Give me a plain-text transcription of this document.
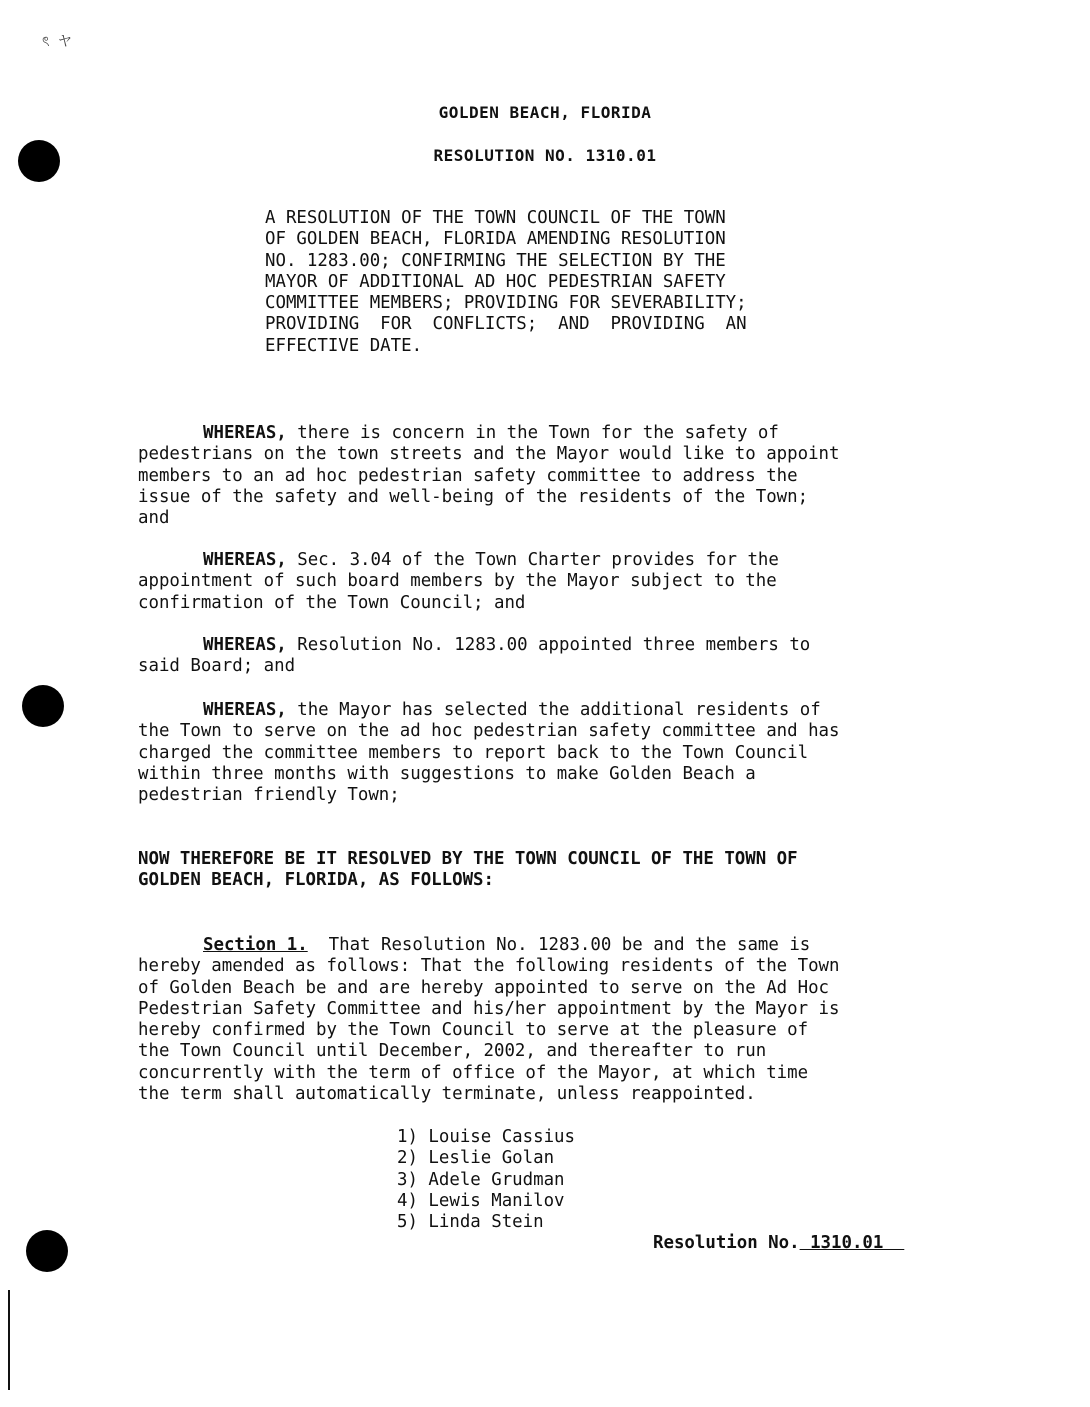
ৎ ヤ
GOLDEN BEACH, FLORIDA
RESOLUTION NO. 1310.01
A RESOLUTION OF THE TOWN COUNCIL OF THE TOWN
OF GOLDEN BEACH, FLORIDA AMENDING RESOLUTION
NO. 1283.00; CONFIRMING THE SELECTION BY THE
MAYOR OF ADDITIONAL AD HOC PEDESTRIAN SAFETY
COMMITTEE MEMBERS; PROVIDING FOR SEVERABILITY;
PROVIDING  FOR  CONFLICTS;  AND  PROVIDING  AN
EFFECTIVE DATE.
WHEREAS, there is concern in the Town for the safety of
pedestrians on the town streets and the Mayor would like to appoint
members to an ad hoc pedestrian safety committee to address the
issue of the safety and well-being of the residents of the Town;
and
WHEREAS, Sec. 3.04 of the Town Charter provides for the
appointment of such board members by the Mayor subject to the
confirmation of the Town Council; and
WHEREAS, Resolution No. 1283.00 appointed three members to
said Board; and
WHEREAS, the Mayor has selected the additional residents of
the Town to serve on the ad hoc pedestrian safety committee and has
charged the committee members to report back to the Town Council
within three months with suggestions to make Golden Beach a
pedestrian friendly Town;
NOW THEREFORE BE IT RESOLVED BY THE TOWN COUNCIL OF THE TOWN OF
GOLDEN BEACH, FLORIDA, AS FOLLOWS:
Section 1.  That Resolution No. 1283.00 be and the same is
hereby amended as follows: That the following residents of the Town
of Golden Beach be and are hereby appointed to serve on the Ad Hoc
Pedestrian Safety Committee and his/her appointment by the Mayor is
hereby confirmed by the Town Council to serve at the pleasure of
the Town Council until December, 2002, and thereafter to run
concurrently with the term of office of the Mayor, at which time
the term shall automatically terminate, unless reappointed.
1) Louise Cassius
2) Leslie Golan
3) Adele Grudman
4) Lewis Manilov
5) Linda Stein
Resolution No. 1310.01
